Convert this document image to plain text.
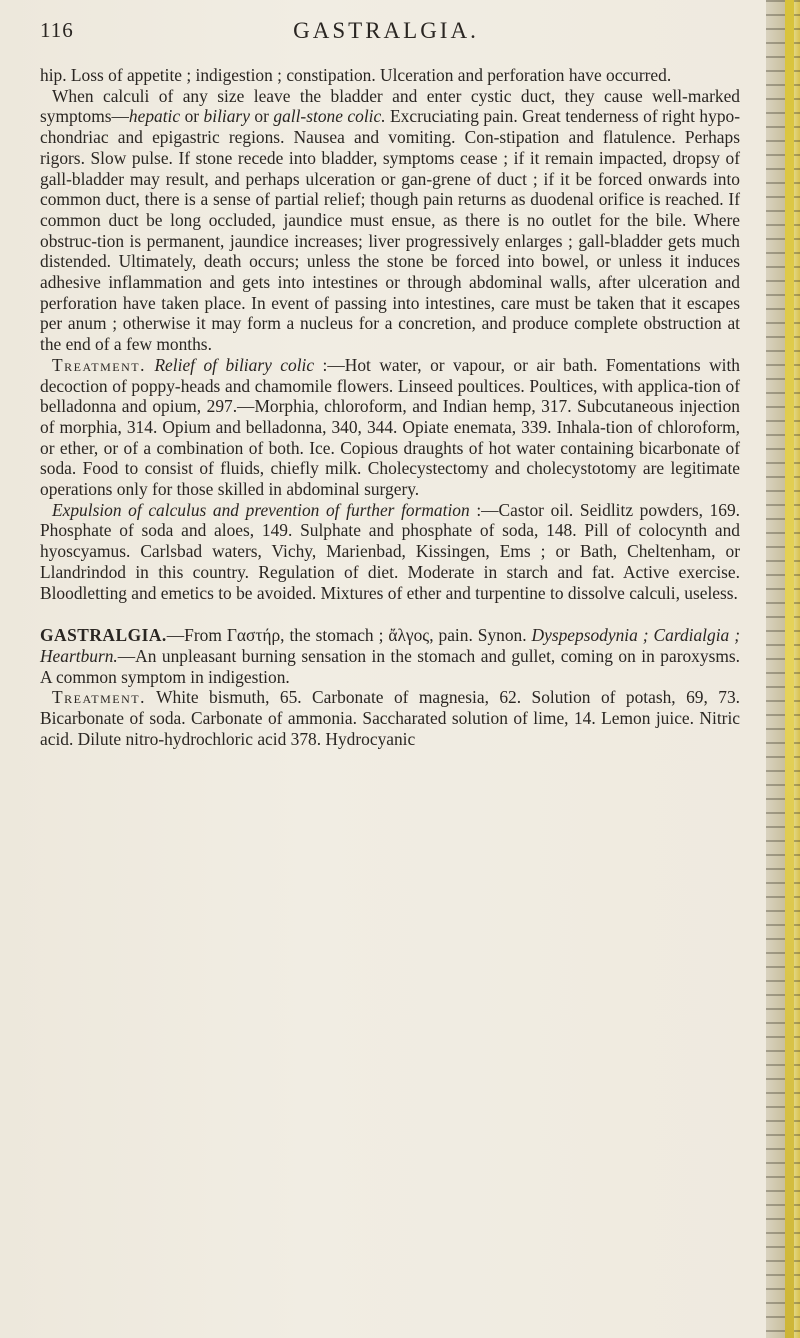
116	GASTRALGIA.

hip. Loss of appetite ; indigestion ; constipation. Ulceration and perforation have occurred.

When calculi of any size leave the bladder and enter cystic duct, they cause well-marked symptoms—hepatic or biliary or gall-stone colic. Excruciating pain. Great tenderness of right hypo-chondriac and epigastric regions. Nausea and vomiting. Con-stipation and flatulence. Perhaps rigors. Slow pulse. If stone recede into bladder, symptoms cease ; if it remain impacted, dropsy of gall-bladder may result, and perhaps ulceration or gan-grene of duct ; if it be forced onwards into common duct, there is a sense of partial relief; though pain returns as duodenal orifice is reached. If common duct be long occluded, jaundice must ensue, as there is no outlet for the bile. Where obstruc-tion is permanent, jaundice increases; liver progressively enlarges ; gall-bladder gets much distended. Ultimately, death occurs; unless the stone be forced into bowel, or unless it induces adhesive inflammation and gets into intestines or through abdominal walls, after ulceration and perforation have taken place. In event of passing into intestines, care must be taken that it escapes per anum ; otherwise it may form a nucleus for a concretion, and produce complete obstruction at the end of a few months.

Treatment. Relief of biliary colic :—Hot water, or vapour, or air bath. Fomentations with decoction of poppy-heads and chamomile flowers. Linseed poultices. Poultices, with applica-tion of belladonna and opium, 297.—Morphia, chloroform, and Indian hemp, 317. Subcutaneous injection of morphia, 314. Opium and belladonna, 340, 344. Opiate enemata, 339. Inhala-tion of chloroform, or ether, or of a combination of both. Ice. Copious draughts of hot water containing bicarbonate of soda. Food to consist of fluids, chiefly milk. Cholecystectomy and cholecystotomy are legitimate operations only for those skilled in abdominal surgery.

Expulsion of calculus and prevention of further formation :—Castor oil. Seidlitz powders, 169. Phosphate of soda and aloes, 149. Sulphate and phosphate of soda, 148. Pill of colocynth and hyoscyamus. Carlsbad waters, Vichy, Marienbad, Kissingen, Ems ; or Bath, Cheltenham, or Llandrindod in this country. Regulation of diet. Moderate in starch and fat. Active exercise. Bloodletting and emetics to be avoided. Mixtures of ether and turpentine to dissolve calculi, useless.

GASTRALGIA.—From Γαστήρ, the stomach ; ἄλγος, pain. Synon. Dyspepsodynia ; Cardialgia ; Heartburn.—An unpleasant burning sensation in the stomach and gullet, coming on in paroxysms. A common symptom in indigestion.

Treatment. White bismuth, 65. Carbonate of magnesia, 62. Solution of potash, 69, 73. Bicarbonate of soda. Carbonate of ammonia. Saccharated solution of lime, 14. Lemon juice. Nitric acid. Dilute nitro-hydrochloric acid 378. Hydrocyanic
